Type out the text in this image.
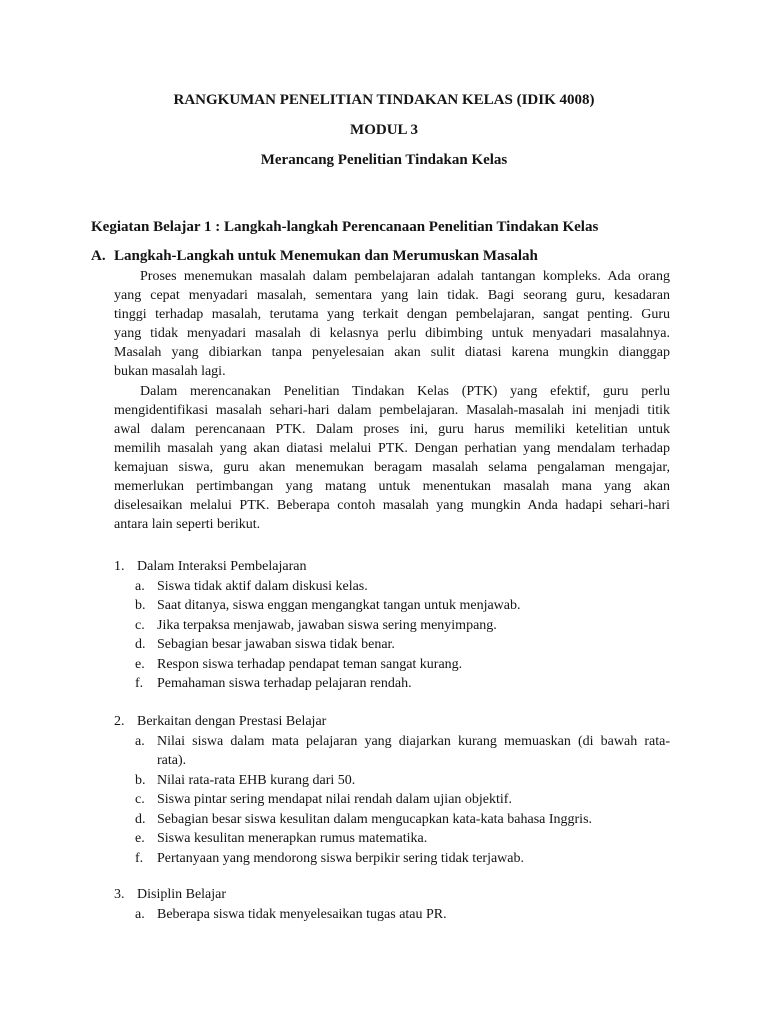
RANGKUMAN PENELITIAN TINDAKAN KELAS (IDIK 4008)
MODUL 3
Merancang Penelitian Tindakan Kelas
Kegiatan Belajar 1 : Langkah-langkah Perencanaan Penelitian Tindakan Kelas
A. Langkah-Langkah untuk Menemukan dan Merumuskan Masalah
Proses menemukan masalah dalam pembelajaran adalah tantangan kompleks. Ada orang
yang cepat menyadari masalah, sementara yang lain tidak. Bagi seorang guru, kesadaran
tinggi terhadap masalah, terutama yang terkait dengan pembelajaran, sangat penting. Guru
yang tidak menyadari masalah di kelasnya perlu dibimbing untuk menyadari masalahnya.
Masalah yang dibiarkan tanpa penyelesaian akan sulit diatasi karena mungkin dianggap
bukan masalah lagi.
Dalam merencanakan Penelitian Tindakan Kelas (PTK) yang efektif, guru perlu
mengidentifikasi masalah sehari-hari dalam pembelajaran. Masalah-masalah ini menjadi titik
awal dalam perencanaan PTK. Dalam proses ini, guru harus memiliki ketelitian untuk
memilih masalah yang akan diatasi melalui PTK. Dengan perhatian yang mendalam terhadap
kemajuan siswa, guru akan menemukan beragam masalah selama pengalaman mengajar,
memerlukan pertimbangan yang matang untuk menentukan masalah mana yang akan
diselesaikan melalui PTK. Beberapa contoh masalah yang mungkin Anda hadapi sehari-hari
antara lain seperti berikut.
1. Dalam Interaksi Pembelajaran
a. Siswa tidak aktif dalam diskusi kelas.
b. Saat ditanya, siswa enggan mengangkat tangan untuk menjawab.
c. Jika terpaksa menjawab, jawaban siswa sering menyimpang.
d. Sebagian besar jawaban siswa tidak benar.
e. Respon siswa terhadap pendapat teman sangat kurang.
f. Pemahaman siswa terhadap pelajaran rendah.
2. Berkaitan dengan Prestasi Belajar
a. Nilai siswa dalam mata pelajaran yang diajarkan kurang memuaskan (di bawah rata-
rata).
b. Nilai rata-rata EHB kurang dari 50.
c. Siswa pintar sering mendapat nilai rendah dalam ujian objektif.
d. Sebagian besar siswa kesulitan dalam mengucapkan kata-kata bahasa Inggris.
e. Siswa kesulitan menerapkan rumus matematika.
f. Pertanyaan yang mendorong siswa berpikir sering tidak terjawab.
3. Disiplin Belajar
a. Beberapa siswa tidak menyelesaikan tugas atau PR.
